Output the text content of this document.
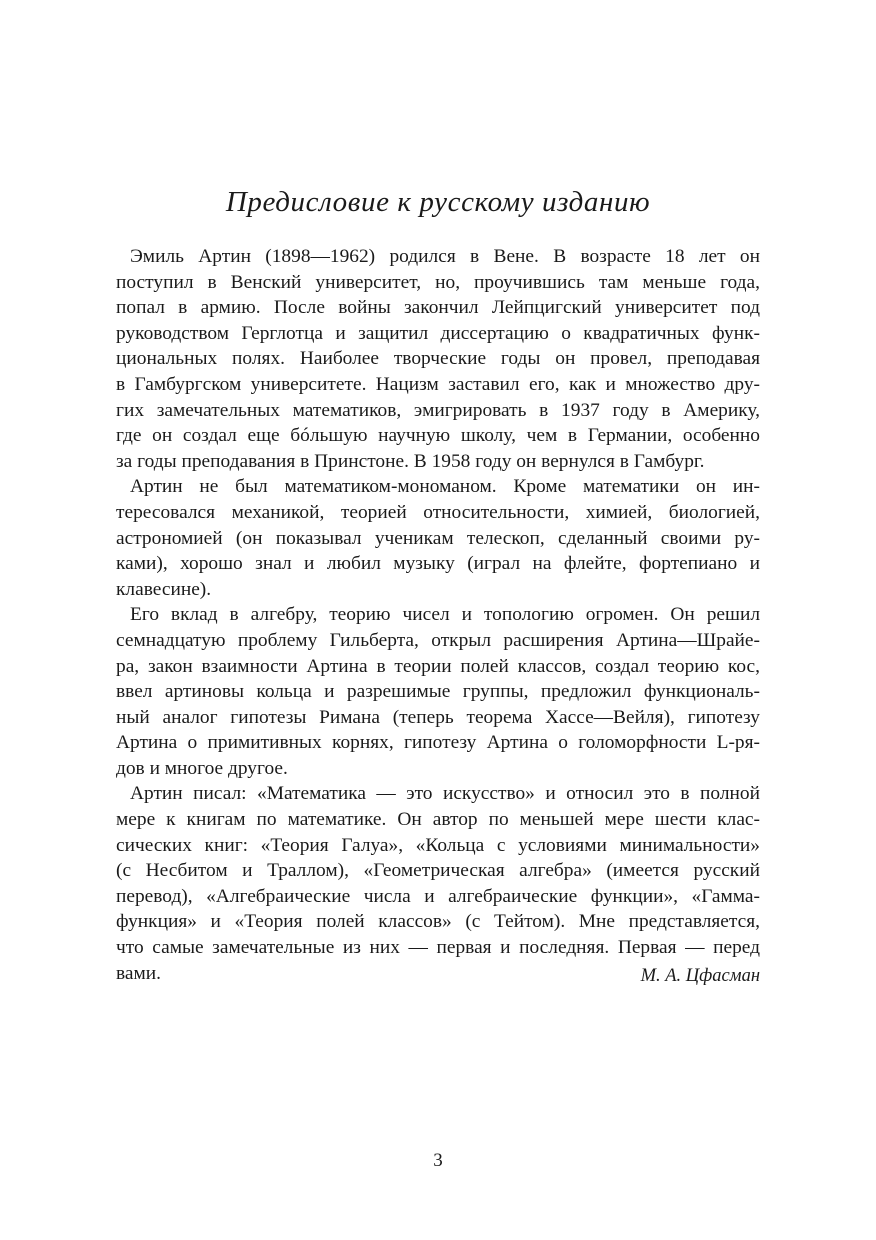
Предисловие к русскому изданию
Эмиль Артин (1898—1962) родился в Вене. В возрасте 18 лет он
поступил в Венский университет, но, проучившись там меньше года,
попал в армию. После войны закончил Лейпцигский университет под
руководством Герглотца и защитил диссертацию о квадратичных функ-
циональных полях. Наиболее творческие годы он провел, преподавая
в Гамбургском университете. Нацизм заставил его, как и множество дру-
гих замечательных математиков, эмигрировать в 1937 году в Америку,
где он создал еще бóльшую научную школу, чем в Германии, особенно
за годы преподавания в Принстоне. В 1958 году он вернулся в Гамбург.
Артин не был математиком-мономаном. Кроме математики он ин-
тересовался механикой, теорией относительности, химией, биологией,
астрономией (он показывал ученикам телескоп, сделанный своими ру-
ками), хорошо знал и любил музыку (играл на флейте, фортепиано и
клавесине).
Его вклад в алгебру, теорию чисел и топологию огромен. Он решил
семнадцатую проблему Гильберта, открыл расширения Артина—Шрайе-
ра, закон взаимности Артина в теории полей классов, создал теорию кос,
ввел артиновы кольца и разрешимые группы, предложил функциональ-
ный аналог гипотезы Римана (теперь теорема Хассе—Вейля), гипотезу
Артина о примитивных корнях, гипотезу Артина о голоморфности L-ря-
дов и многое другое.
Артин писал: «Математика — это искусство» и относил это в полной
мере к книгам по математике. Он автор по меньшей мере шести клас-
сических книг: «Теория Галуа», «Кольца с условиями минимальности»
(с Несбитом и Траллом), «Геометрическая алгебра» (имеется русский
перевод), «Алгебраические числа и алгебраические функции», «Гамма-
функция» и «Теория полей классов» (с Тейтом). Мне представляется,
что самые замечательные из них — первая и последняя. Первая — перед
вами.	М. А. Цфасман
3
